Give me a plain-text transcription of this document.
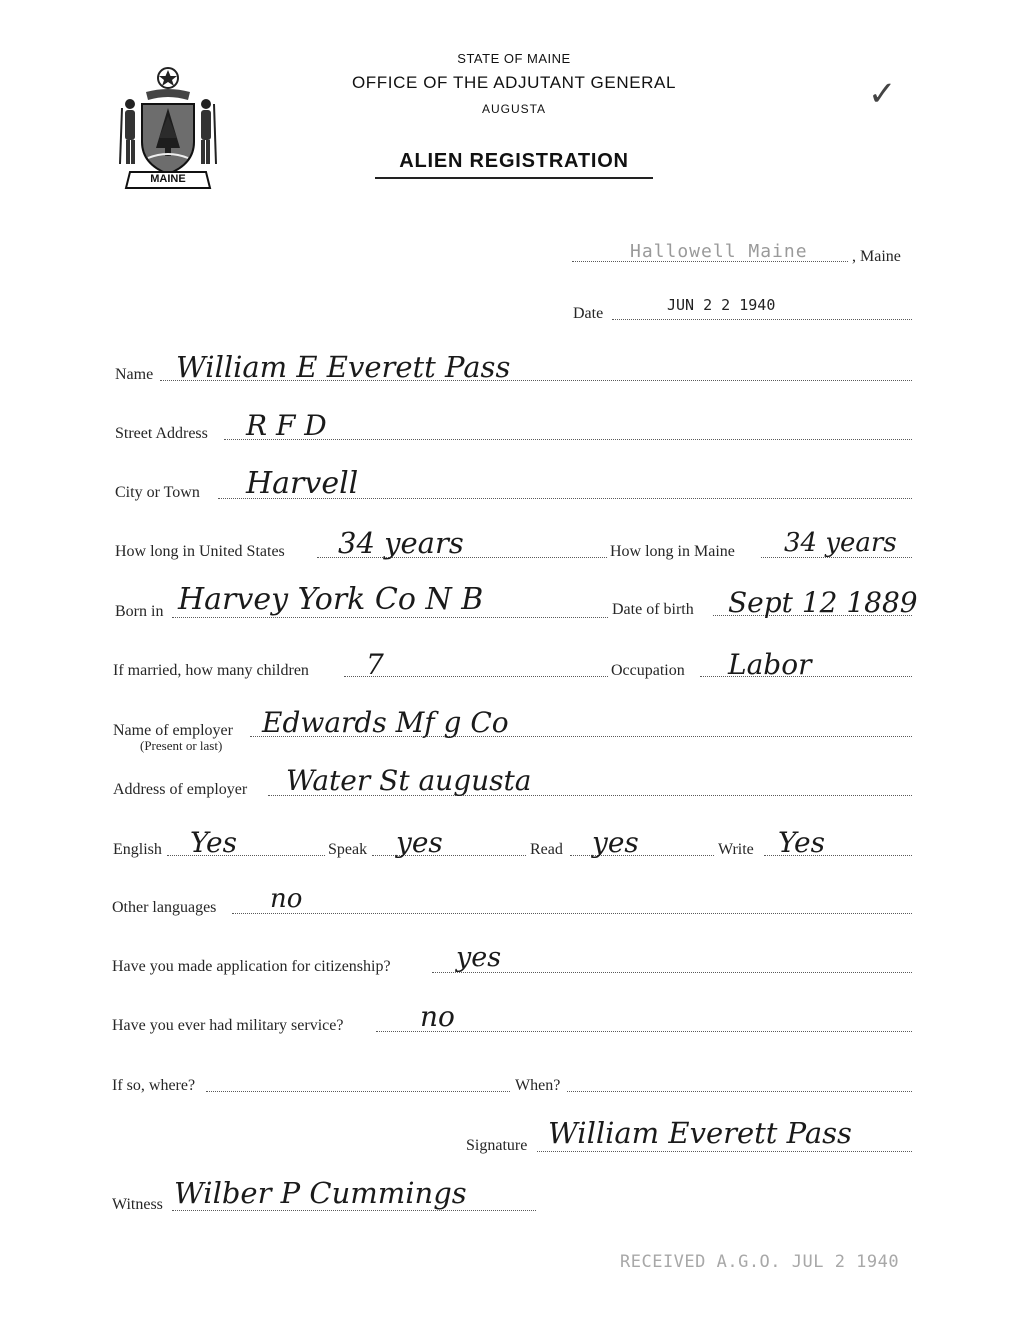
MAINE
STATE OF MAINE
OFFICE OF THE ADJUTANT GENERAL
AUGUSTA
ALIEN REGISTRATION
✓
Hallowell Maine	, Maine
Date	JUN 2 2 1940
Name William E Everett Pass
Street Address R F D
City or Town Harvell
How long in United States 34 years	How long in Maine 34 years
Born in Harvey York Co N B	Date of birth Sept 12 1889
If married, how many children 7	Occupation Labor
Name of employer
(Present or last)
Edwards Mf g Co
Address of employer Water St augusta
English Yes	Speak yes	Read yes	Write Yes
Other languages no
Have you made application for citizenship? yes
Have you ever had military service?	no
If so, where?	When?
Signature William Everett Pass
Witness Wilber P Cummings
RECEIVED A.G.O. JUL 2 1940
